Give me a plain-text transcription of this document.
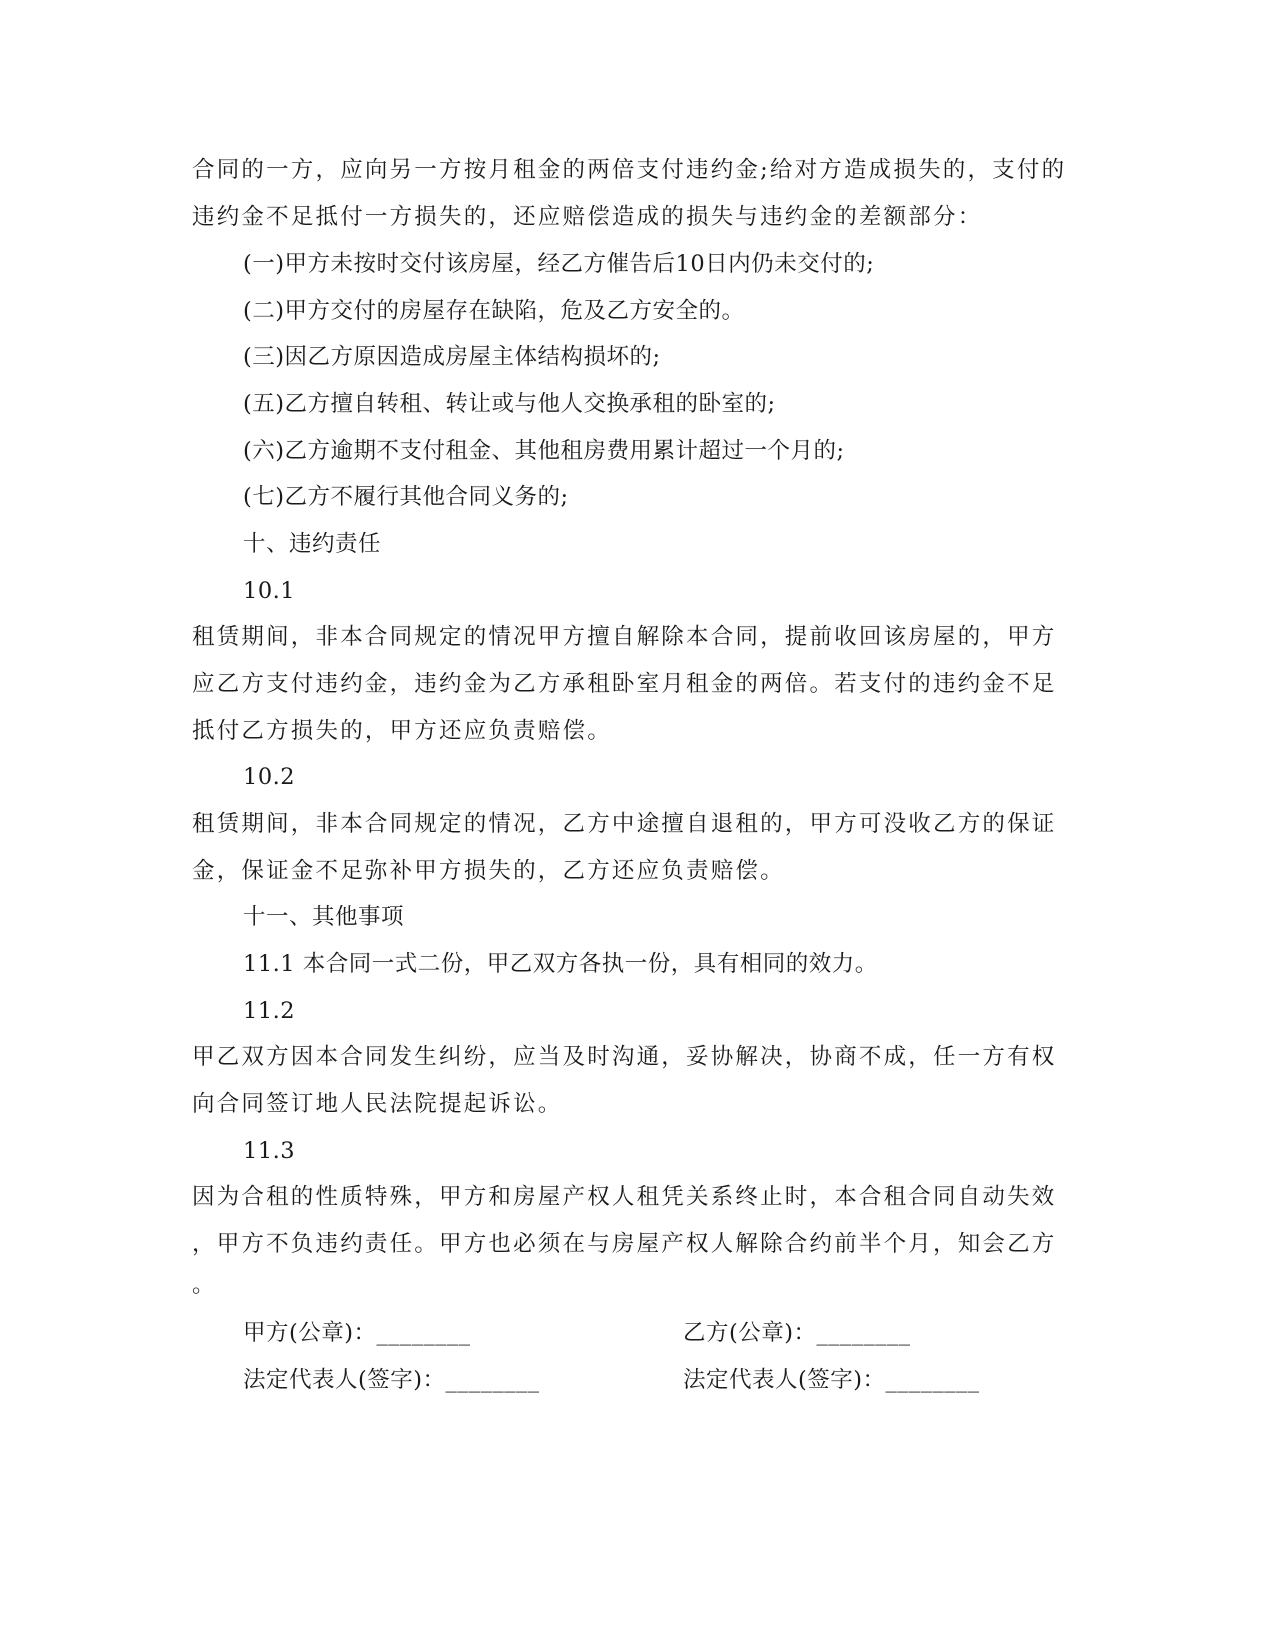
合同的一方，应向另一方按月租金的两倍支付违约金;给对方造成损失的，支付的
违约金不足抵付一方损失的，还应赔偿造成的损失与违约金的差额部分：
(一)甲方未按时交付该房屋，经乙方催告后10日内仍未交付的;
(二)甲方交付的房屋存在缺陷，危及乙方安全的。
(三)因乙方原因造成房屋主体结构损坏的;
(五)乙方擅自转租、转让或与他人交换承租的卧室的;
(六)乙方逾期不支付租金、其他租房费用累计超过一个月的;
(七)乙方不履行其他合同义务的;
十、违约责任
10.1
租赁期间，非本合同规定的情况甲方擅自解除本合同，提前收回该房屋的，甲方
应乙方支付违约金，违约金为乙方承租卧室月租金的两倍。若支付的违约金不足
抵付乙方损失的，甲方还应负责赔偿。
10.2
租赁期间，非本合同规定的情况，乙方中途擅自退租的，甲方可没收乙方的保证
金，保证金不足弥补甲方损失的，乙方还应负责赔偿。
十一、其他事项
11.1 本合同一式二份，甲乙双方各执一份，具有相同的效力。
11.2
甲乙双方因本合同发生纠纷，应当及时沟通，妥协解决，协商不成，任一方有权
向合同签订地人民法院提起诉讼。
11.3
因为合租的性质特殊，甲方和房屋产权人租凭关系终止时，本合租合同自动失效
，甲方不负违约责任。甲方也必须在与房屋产权人解除合约前半个月，知会乙方
。
甲方(公章)：________	乙方(公章)：________
法定代表人(签字)：________	法定代表人(签字)：________
